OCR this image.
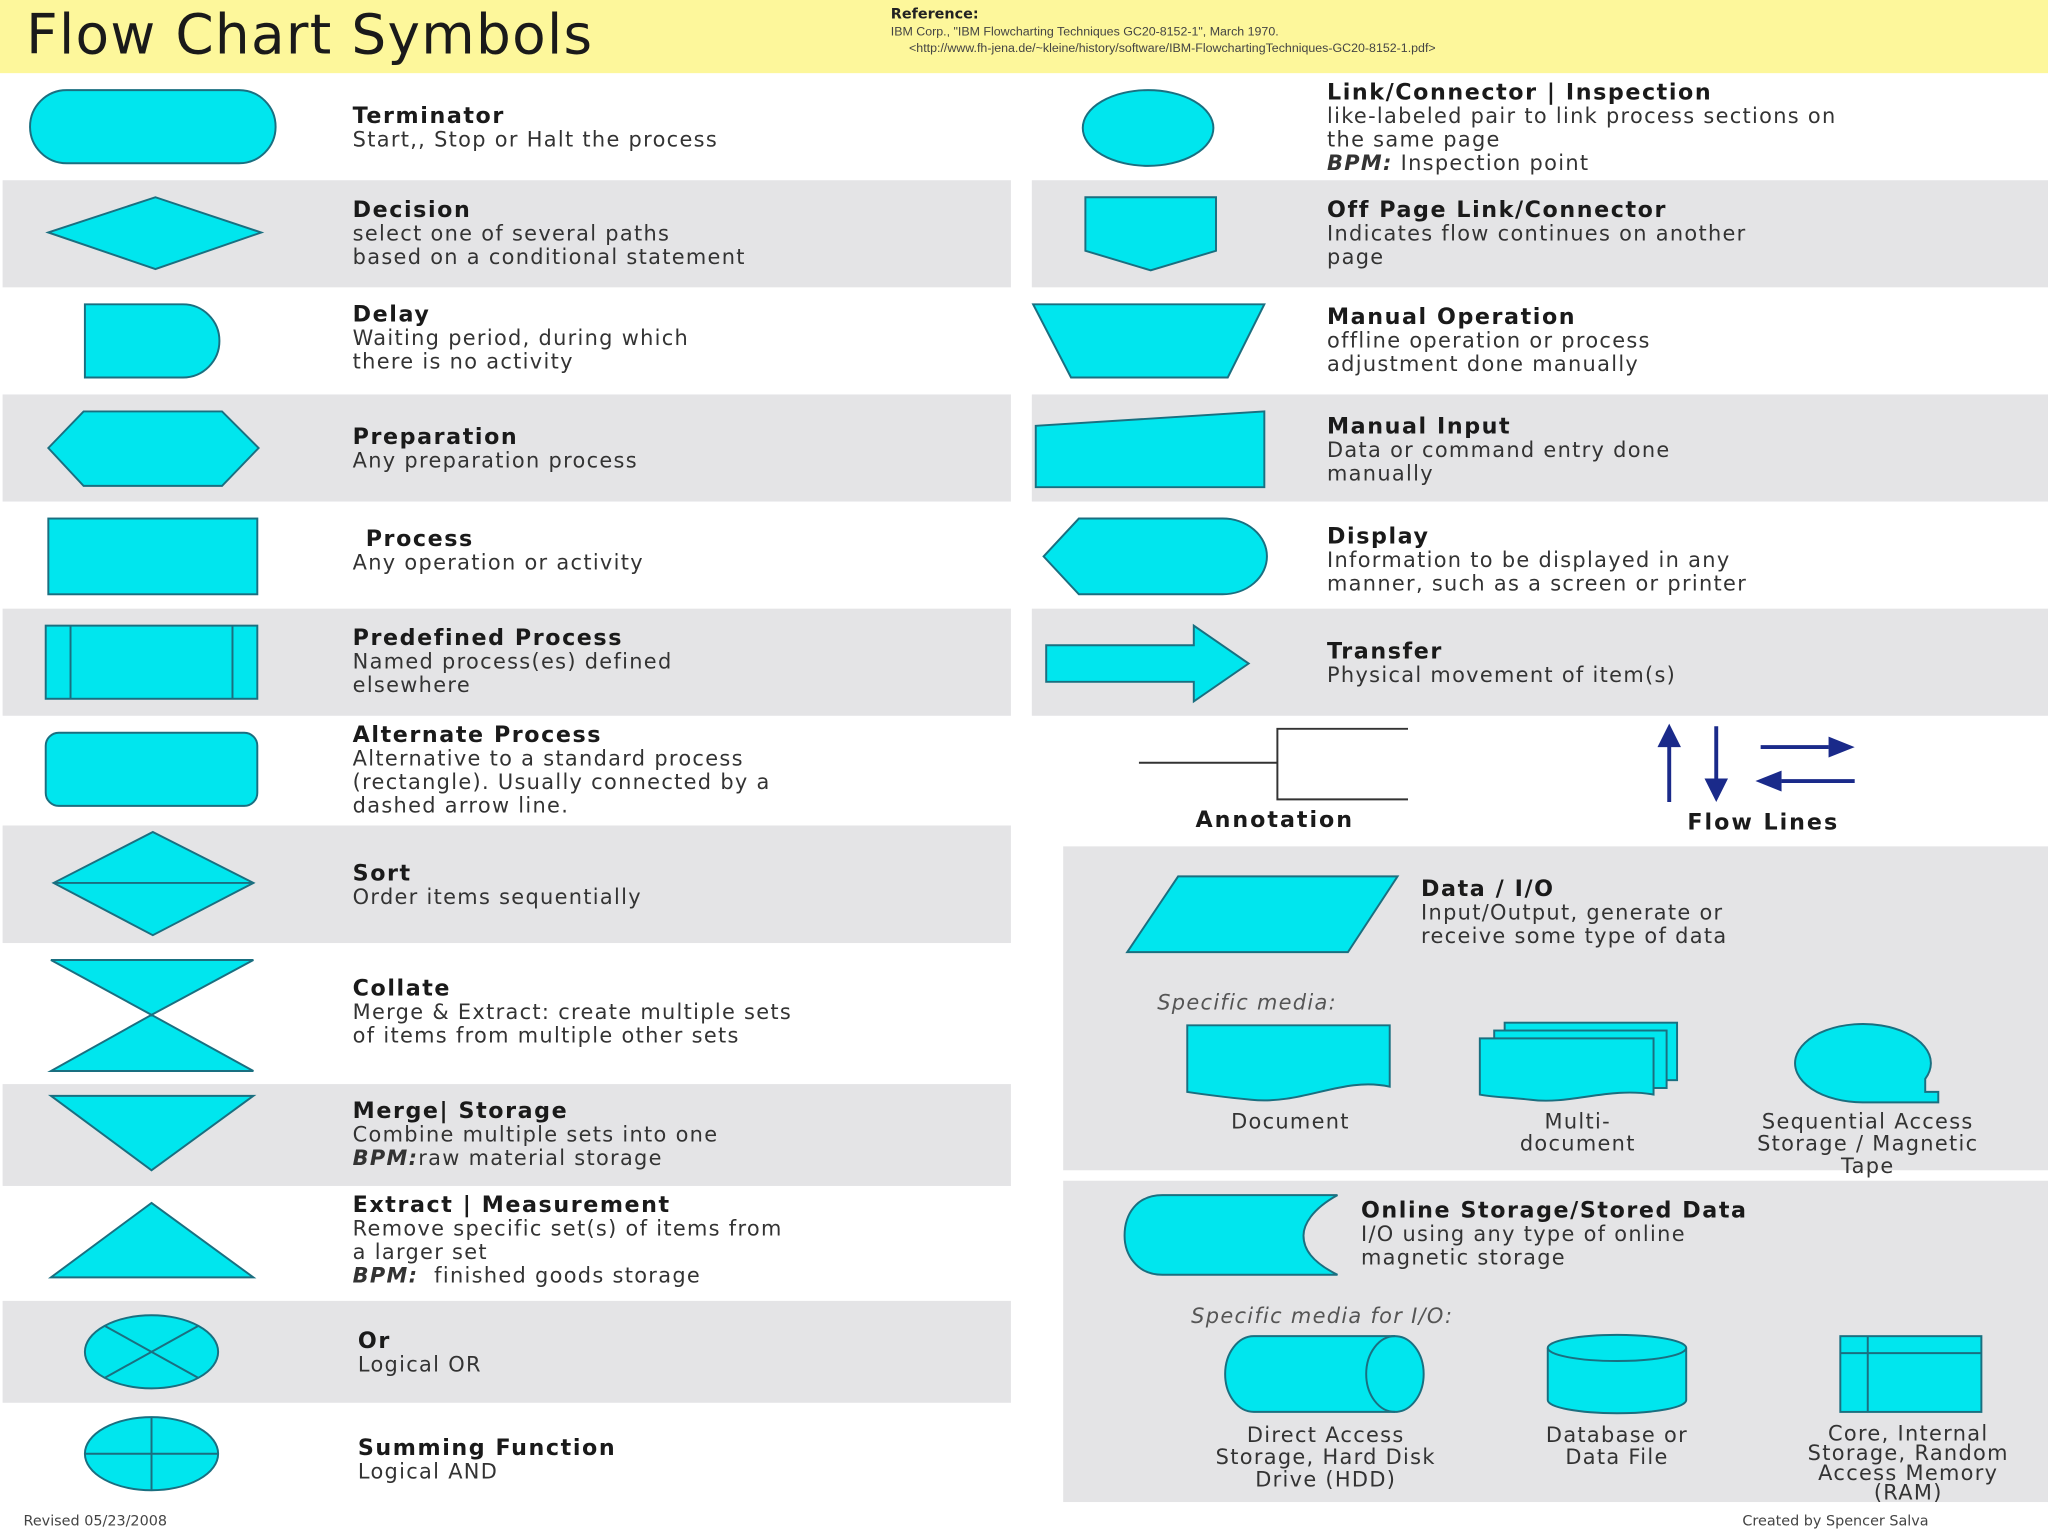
Flow Chart Symbols	Reference:
IBM Corp., "IBM Flowcharting Techniques GC20-8152-1", March 1970.
<http://www.fh-jena.de/~kleine/history/software/IBM-FlowchartingTechniques-GC20-8152-1.pdf>
Terminator
Start,, Stop or Halt the process
Decision
select one of several paths
based on a conditional statement
Delay
Waiting period, during which
there is no activity
Preparation
Any preparation process
Process
Any operation or activity
Predefined Process
Named process(es) defined
elsewhere
Alternate Process
Alternative to a standard process
(rectangle). Usually connected by a
dashed arrow line.
Sort
Order items sequentially
Collate
Merge & Extract: create multiple sets
of items from multiple other sets
Merge| Storage
Combine multiple sets into one
BPM:raw material storage
Extract | Measurement
Remove specific set(s) of items from
a larger set
BPM:  finished goods storage
Or
Logical OR
Summing Function
Logical AND
Link/Connector | Inspection
like-labeled pair to link process sections on
the same page
BPM: Inspection point
Off Page Link/Connector
Indicates flow continues on another
page
Manual Operation
offline operation or process
adjustment done manually
Manual Input
Data or command entry done
manually
Display
Information to be displayed in any
manner, such as a screen or printer
Transfer
Physical movement of item(s)
Annotation	Flow Lines
Data / I/O
Input/Output, generate or
receive some type of data
Specific media:
Document	Multi-
document
Sequential Access
Storage / Magnetic
Tape
Online Storage/Stored Data
I/O using any type of online
magnetic storage
Specific media for I/O:
Direct Access
Storage, Hard Disk
Drive (HDD)
Database or
Data File
Core, Internal
Storage, Random
Access Memory
(RAM)
Revised 05/23/2008	Created by Spencer Salva
